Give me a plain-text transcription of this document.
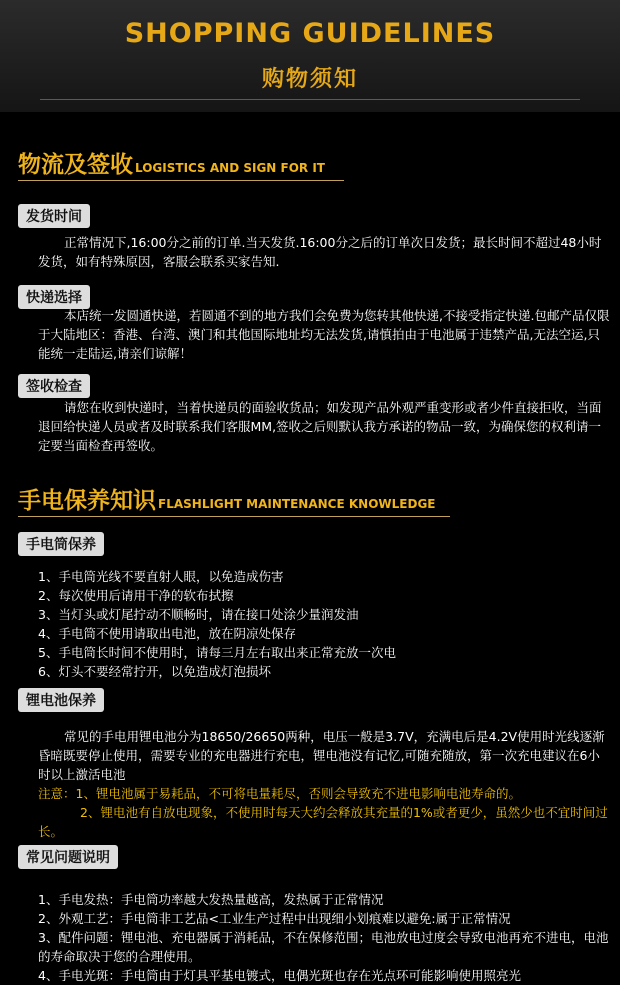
SHOPPING GUIDELINES
购物须知
物流及签收 LOGISTICS AND SIGN FOR IT
发货时间
正常情况下,16:00分之前的订单.当天发货.16:00分之后的订单次日发货；最长时间不超过48小时发货，如有特殊原因，客服会联系买家告知.
快递选择
本店统一发圆通快递，若圆通不到的地方我们会免费为您转其他快递,不接受指定快递.包邮产品仅限于大陆地区：香港、台湾、澳门和其他国际地址均无法发货,请慎拍由于电池属于违禁产品,无法空运,只能统一走陆运,请亲们谅解！
签收检查
请您在收到快递时，当着快递员的面验收货品；如发现产品外观严重变形或者少件直接拒收，当面退回给快递人员或者及时联系我们客服MM,签收之后则默认我方承诺的物品一致，为确保您的权利请一定要当面检查再签收。
手电保养知识 FLASHLIGHT MAINTENANCE KNOWLEDGE
手电筒保养
1、手电筒光线不要直射人眼，以免造成伤害
2、每次使用后请用干净的软布拭擦
3、当灯头或灯尾拧动不顺畅时，请在接口处涂少量润发油
4、手电筒不使用请取出电池，放在阴凉处保存
5、手电筒长时间不使用时，请每三月左右取出来正常充放一次电
6、灯头不要经常拧开，以免造成灯泡损坏
锂电池保养
常见的手电用锂电池分为18650/26650两种，电压一般是3.7V，充满电后是4.2V使用时光线逐渐昏暗既要停止使用，需要专业的充电器进行充电，锂电池没有记忆,可随充随放，第一次充电建议在6小时以上激活电池
注意：1、锂电池属于易耗品，不可将电量耗尽，否则会导致充不进电影响电池寿命的。
2、锂电池有自放电现象，不使用时每天大约会释放其充量的1%或者更少，虽然少也不宜时间过长。
常见问题说明
1、手电发热：手电筒功率越大发热量越高，发热属于正常情况
2、外观工艺：手电筒非工艺品<工业生产过程中出现细小划痕难以避免:属于正常情况
3、配件问题：锂电池、充电器属于消耗品，不在保修范围；电池放电过度会导致电池再充不进电，电池的寿命取决于您的合理使用。
4、手电光斑：手电筒由于灯具平基电镀式，电偶光斑也存在光点环可能影响使用照亮光
